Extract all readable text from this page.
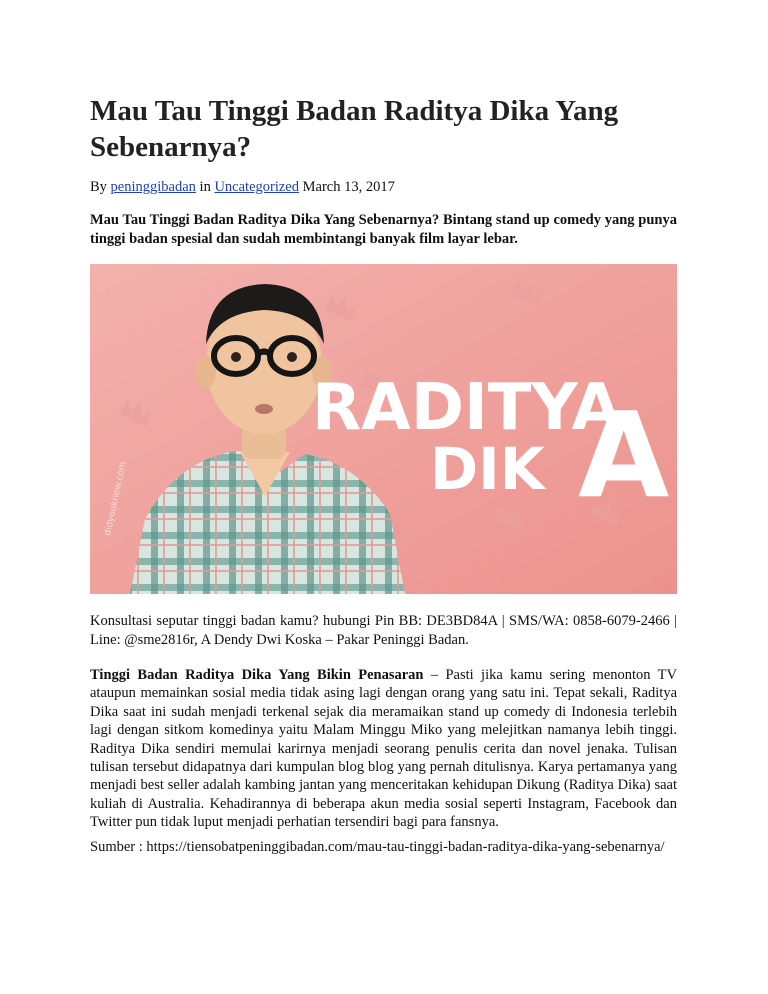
Mau Tau Tinggi Badan Raditya Dika Yang Sebenarnya?
By peninggibadan in Uncategorized March 13, 2017

Mau Tau Tinggi Badan Raditya Dika Yang Sebenarnya? Bintang stand up comedy yang punya tinggi badan spesial dan sudah membintangi banyak film layar lebar.

RADITYA
DIK A
didyouknow.com

Konsultasi seputar tinggi badan kamu? hubungi Pin BB: DE3BD84A | SMS/WA: 0858-6079-2466 | Line: @sme2816r, A Dendy Dwi Koska – Pakar Peninggi Badan.

Tinggi Badan Raditya Dika Yang Bikin Penasaran – Pasti jika kamu sering menonton TV ataupun memainkan sosial media tidak asing lagi dengan orang yang satu ini. Tepat sekali, Raditya Dika saat ini sudah menjadi terkenal sejak dia meramaikan stand up comedy di Indonesia terlebih lagi dengan sitkom komedinya yaitu Malam Minggu Miko yang melejitkan namanya lebih tinggi. Raditya Dika sendiri memulai karirnya menjadi seorang penulis cerita dan novel jenaka. Tulisan tulisan tersebut didapatnya dari kumpulan blog blog yang pernah ditulisnya. Karya pertamanya yang menjadi best seller adalah kambing jantan yang menceritakan kehidupan Dikung (Raditya Dika) saat kuliah di Australia. Kehadirannya di beberapa akun media sosial seperti Instagram, Facebook dan Twitter pun tidak luput menjadi perhatian tersendiri bagi para fansnya.

Sumber : https://tiensobatpeninggibadan.com/mau-tau-tinggi-badan-raditya-dika-yang-sebenarnya/
